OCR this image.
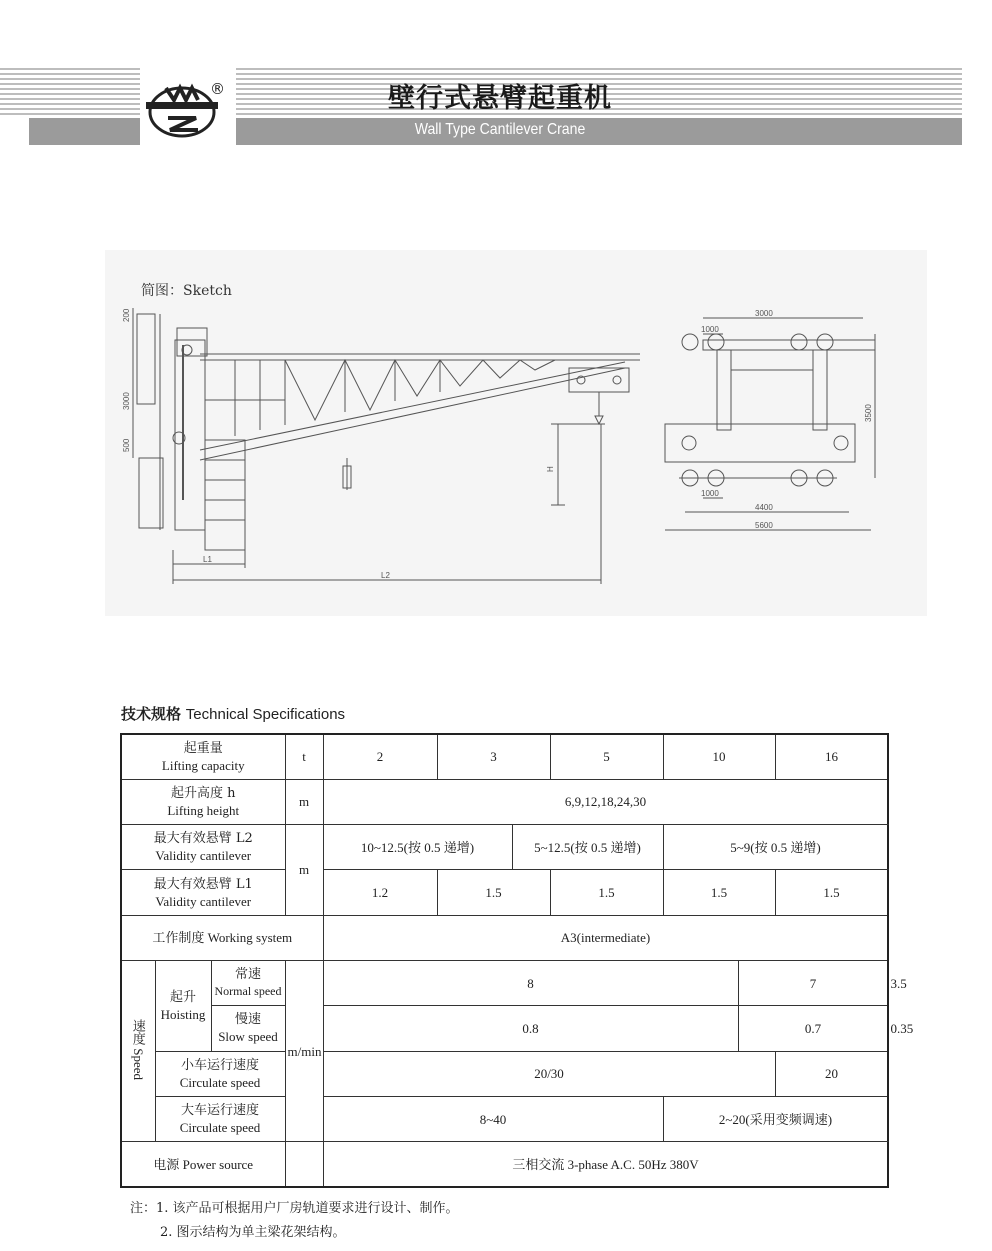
®	壁行式悬臂起重机
Wall Type Cantilever Crane
简图：Sketch
200
3000
500
H
L1
L2
3000
1000
3500
1000
4400
5600
技术规格 Technical Specifications
起重量
Lifting capacity			t	2	3		5	10		16	

起升高度 h
Lifting height			m	6,9,12,18,24,30							

最大有效悬臂 L2
Validity cantilever			m	10~12.5(按 0.5 递增)		5~12.5(按 0.5 递增)		5~9(按 0.5 递增)			

最大有效悬臂 L1
Validity cantilever				1.2	1.5		1.5	1.5		1.5	
工作制度 Working system				A3(intermediate)							
速度 Speed	起升
Hoisting	常速
Normal speed	m/min	8					7		3.5

		慢速
Slow speed		0.8					0.7		0.35

	小车运行速度
Circulate speed			20/30						20	

	大车运行速度
Circulate speed			8~40				2~20(采用变频调速)			
电源 Power source				三相交流 3-phase A.C. 50Hz 380V							
注：1. 该产品可根据用户厂房轨道要求进行设计、制作。
2. 图示结构为单主梁花架结构。
